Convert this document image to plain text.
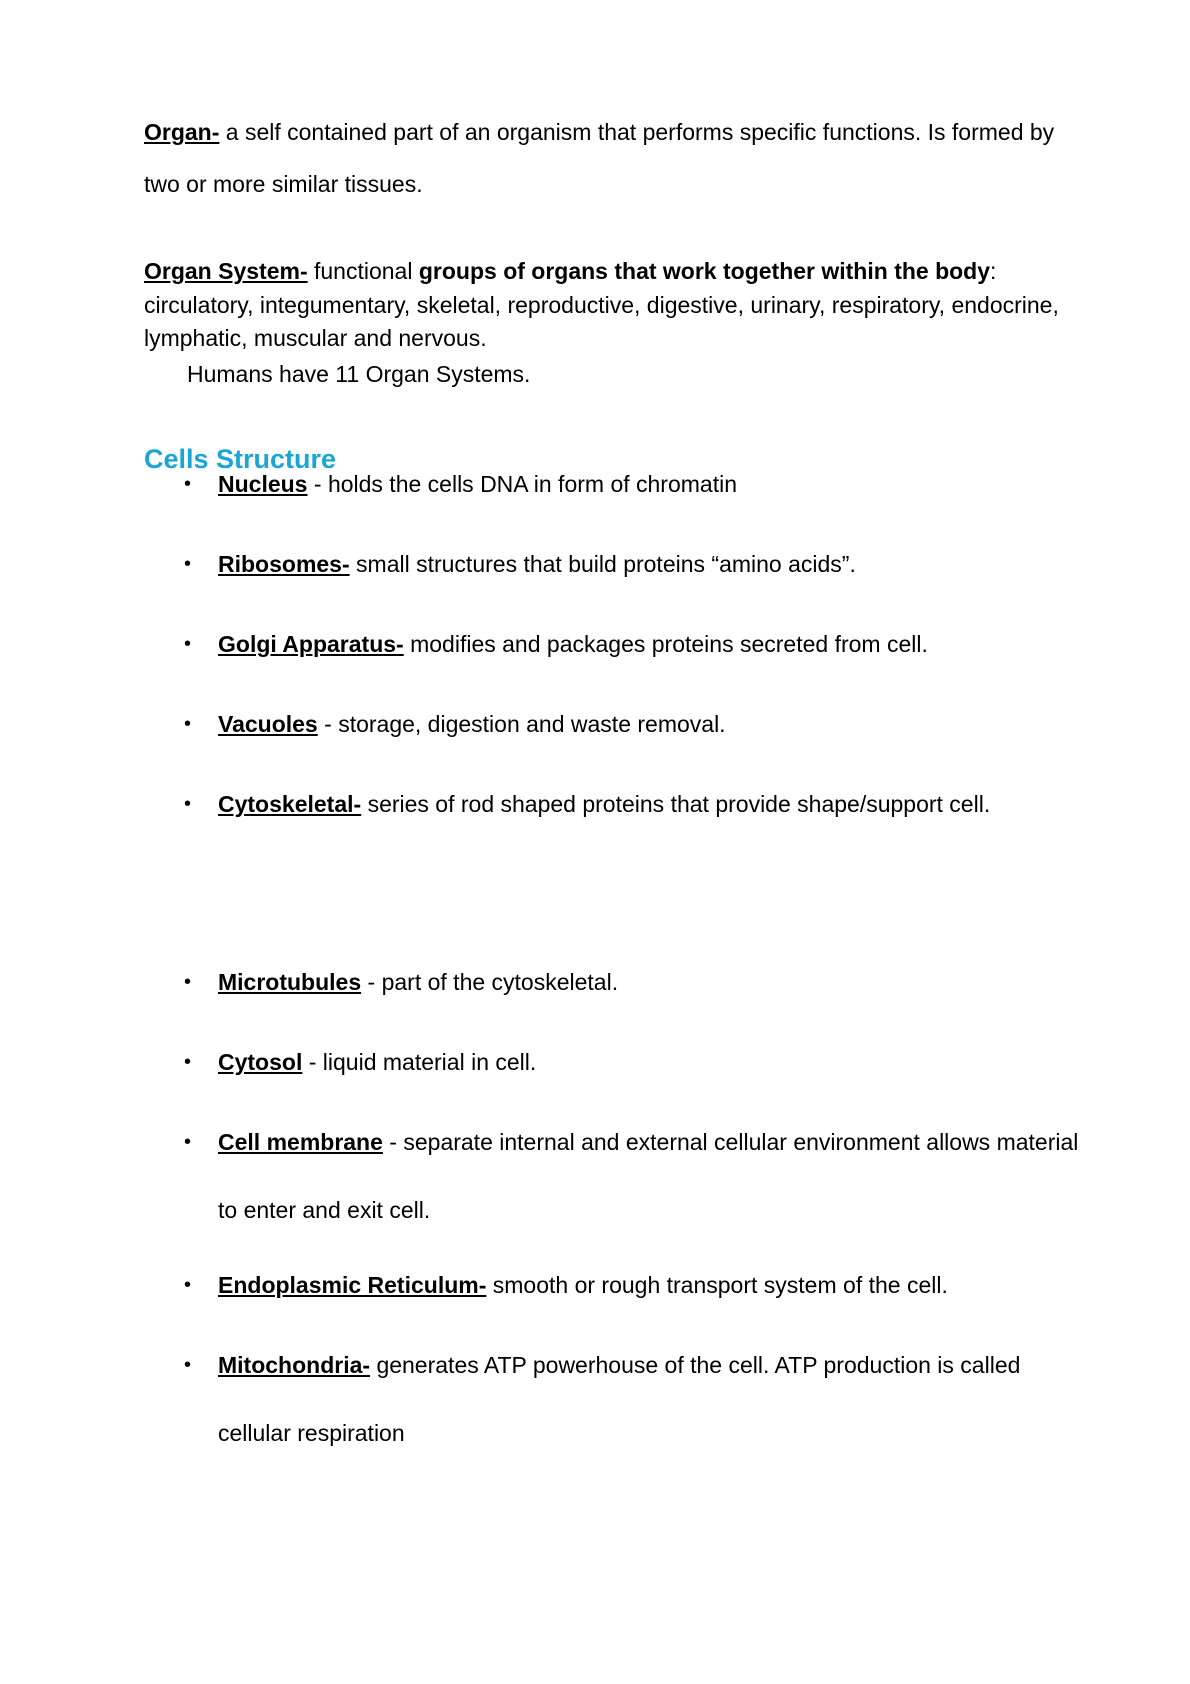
Organ- a self contained part of an organism that performs specific functions. Is formed by two or more similar tissues.

Organ System- functional groups of organs that work together within the body: circulatory, integumentary, skeletal, reproductive, digestive, urinary, respiratory, endocrine, lymphatic, muscular and nervous.

Humans have 11 Organ Systems.

Cells Structure
• Nucleus - holds the cells DNA in form of chromatin
• Ribosomes- small structures that build proteins “amino acids”.
• Golgi Apparatus- modifies and packages proteins secreted from cell.
• Vacuoles - storage, digestion and waste removal.
• Cytoskeletal- series of rod shaped proteins that provide shape/support cell.
• Microtubules - part of the cytoskeletal.
• Cytosol - liquid material in cell.
• Cell membrane - separate internal and external cellular environment allows material to enter and exit cell.
• Endoplasmic Reticulum- smooth or rough transport system of the cell.
• Mitochondria- generates ATP powerhouse of the cell. ATP production is called cellular respiration
